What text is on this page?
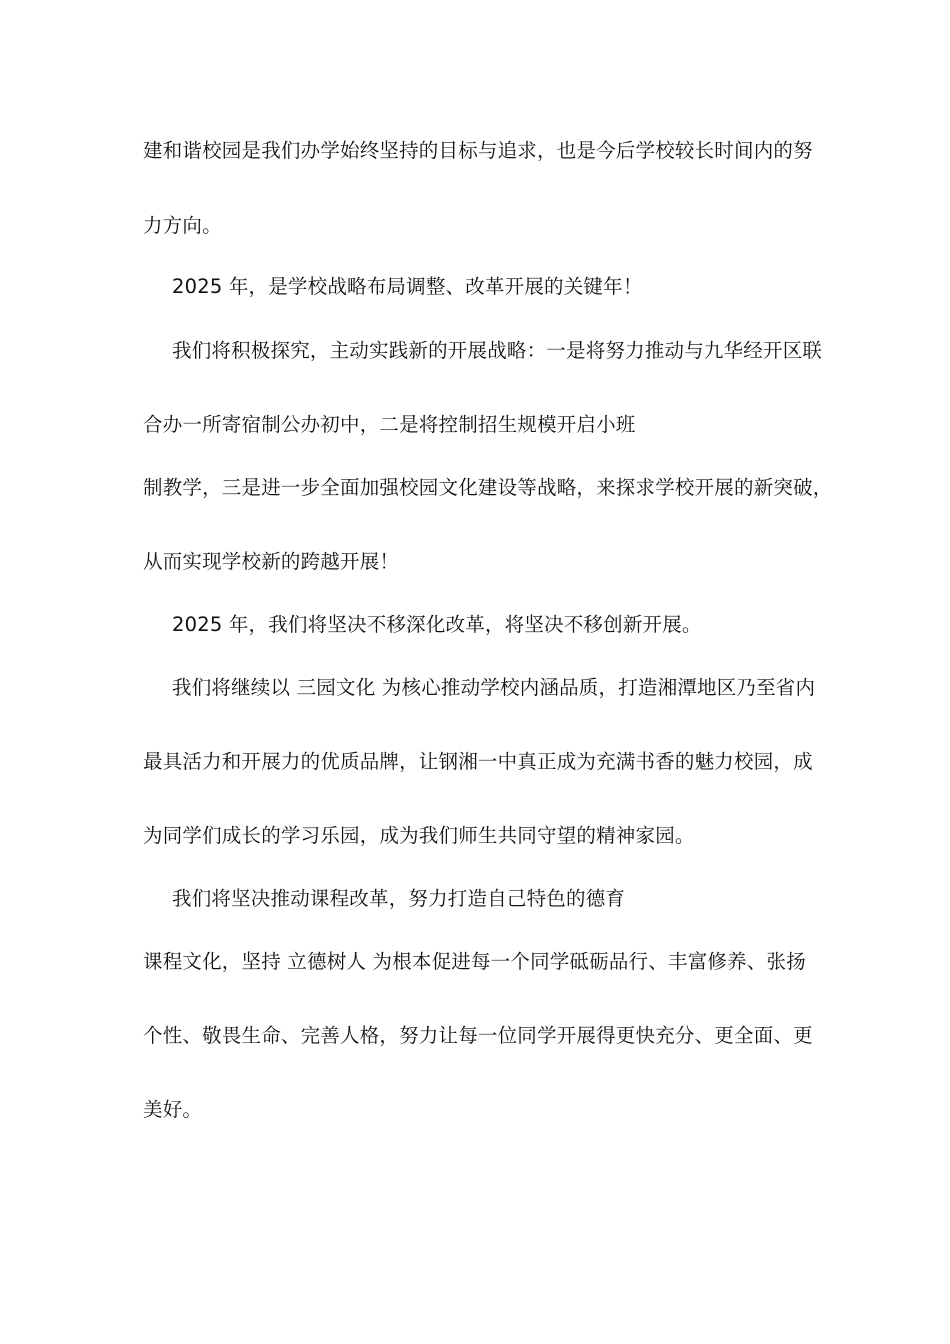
建和谐校园是我们办学始终坚持的目标与追求，也是今后学校较长时间内的努
力方向。
2025 年，是学校战略布局调整、改革开展的关键年！
我们将积极探究，主动实践新的开展战略：一是将努力推动与九华经开区联
合办一所寄宿制公办初中，二是将控制招生规模开启小班
制教学，三是进一步全面加强校园文化建设等战略，来探求学校开展的新突破，
从而实现学校新的跨越开展！
2025 年，我们将坚决不移深化改革，将坚决不移创新开展。
我们将继续以 三园文化 为核心推动学校内涵品质，打造湘潭地区乃至省内
最具活力和开展力的优质品牌，让钢湘一中真正成为充满书香的魅力校园，成
为同学们成长的学习乐园，成为我们师生共同守望的精神家园。
我们将坚决推动课程改革，努力打造自己特色的德育
课程文化，坚持 立德树人 为根本促进每一个同学砥砺品行、丰富修养、张扬
个性、敬畏生命、完善人格，努力让每一位同学开展得更快充分、更全面、更
美好。
